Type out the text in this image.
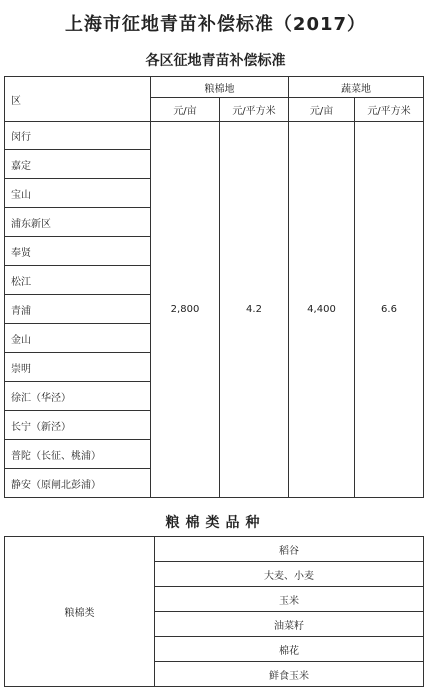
上海市征地青苗补偿标准（2017）
各区征地青苗补偿标准
区	粮棉地		蔬菜地	
	元/亩	元/平方米	元/亩	元/平方米
闵行	2,800	4.2	4,400	6.6
嘉定				
宝山				
浦东新区				
奉贤				
松江				
青浦				
金山				
崇明				
徐汇（华泾）				
长宁（新泾）				
普陀（长征、桃浦）				
静安（原闸北彭浦）				
粮棉类品种
粮棉类	稻谷
大麦、小麦
玉米
油菜籽
棉花
鲜食玉米
